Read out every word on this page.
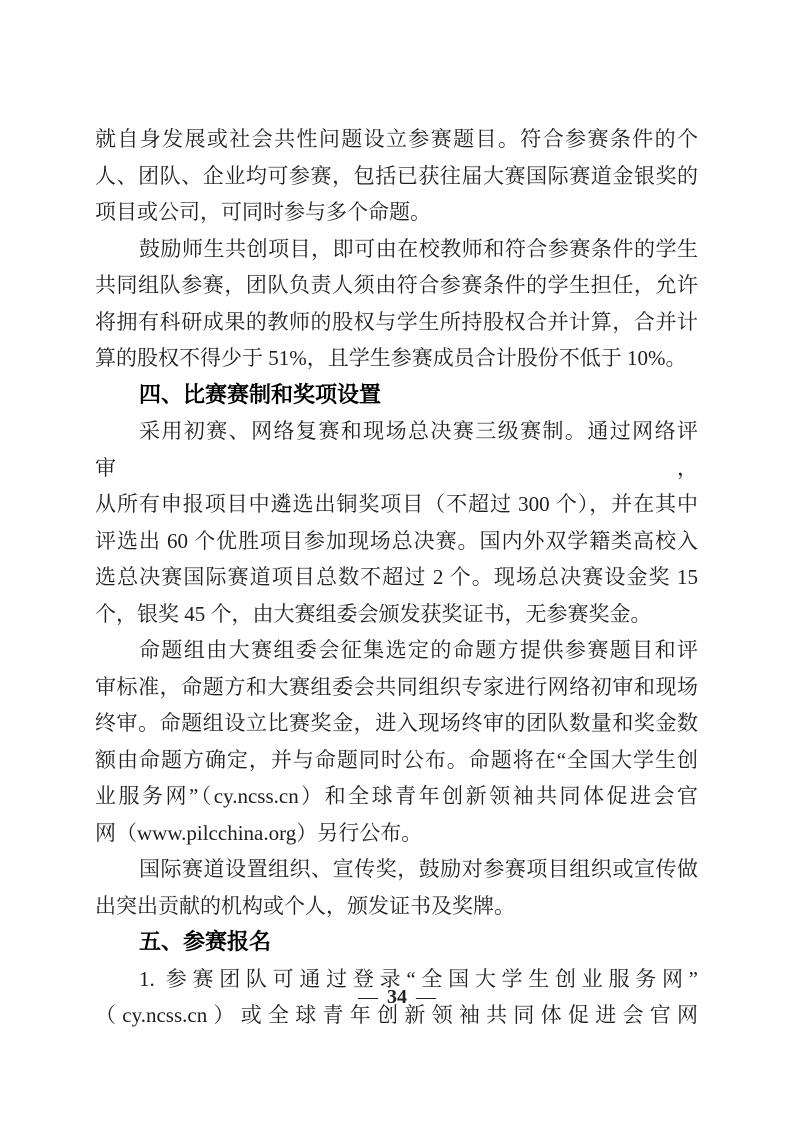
就自身发展或社会共性问题设立参赛题目。符合参赛条件的个

人、团队、企业均可参赛，包括已获往届大赛国际赛道金银奖的

项目或公司，可同时参与多个命题。

鼓励师生共创项目，即可由在校教师和符合参赛条件的学生

共同组队参赛，团队负责人须由符合参赛条件的学生担任，允许

将拥有科研成果的教师的股权与学生所持股权合并计算，合并计

算的股权不得少于 51%，且学生参赛成员合计股份不低于 10%。

四、比赛赛制和奖项设置

采用初赛、网络复赛和现场总决赛三级赛制。通过网络评审，

从所有申报项目中遴选出铜奖项目（不超过 300 个），并在其中

评选出 60 个优胜项目参加现场总决赛。国内外双学籍类高校入

选总决赛国际赛道项目总数不超过 2 个。现场总决赛设金奖 15

个，银奖 45 个，由大赛组委会颁发获奖证书，无参赛奖金。

命题组由大赛组委会征集选定的命题方提供参赛题目和评

审标准，命题方和大赛组委会共同组织专家进行网络初审和现场

终审。命题组设立比赛奖金，进入现场终审的团队数量和奖金数

额由命题方确定，并与命题同时公布。命题将在“全国大学生创

业服务网”（cy.ncss.cn）和全球青年创新领袖共同体促进会官

网（www.pilcchina.org）另行公布。

国际赛道设置组织、宣传奖，鼓励对参赛项目组织或宣传做

出突出贡献的机构或个人，颁发证书及奖牌。

五、参赛报名

1. 参赛团队可通过登录“全国大学生创业服务网”

（cy.ncss.cn）或全球青年创新领袖共同体促进会官网

— 34 —
